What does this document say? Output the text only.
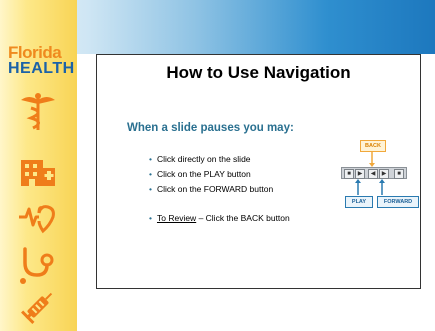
Florida
HEALTH	How to Use Navigation
When a slide pauses you may:
• Click directly on the slide
• Click on the PLAY button
• Click on the FORWARD button
• To Review – Click the BACK button
BACK
■	▶	◀	▶	■
PLAY	FORWARD
